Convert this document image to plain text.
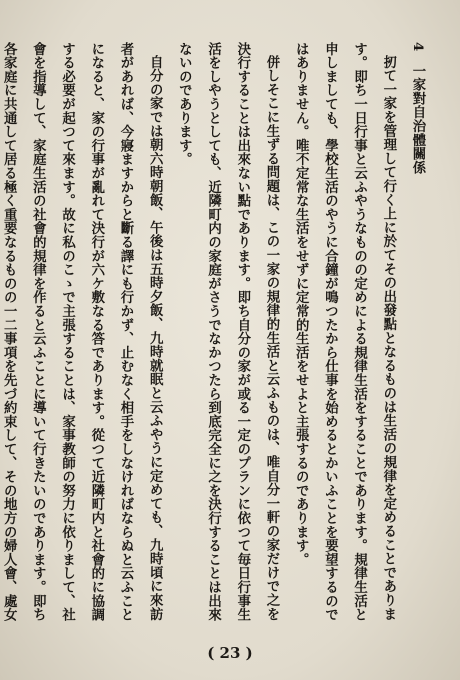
4一家對自治體關係

扨て一家を管理して行く上に於てその出發點となるものは生活の規律を定めることであります。即ち一日行事と云ふやうなものの定めによる規律生活をすることであります。規律生活と申しましても、學校生活のやうに合鐘が鳴つたから仕事を始めるとかいふことを要望するのではありません。唯不定常な生活をせずに定常的生活をせよと主張するのであります。

併しそこに生ずる問題は、この一家の規律的生活と云ふものは、唯自分一軒の家だけで之を決行することは出來ない點であります。即ち自分の家が或る一定のプランに依つて毎日行事生活をしやうとしても、近隣町内の家庭がさうでなかつたら到底完全に之を決行することは出來ないのであります。

自分の家では朝六時朝飯、午後は五時夕飯、九時就眠と云ふやうに定めても、九時頃に來訪者があれば、今寢ますからと斷る譯にも行かず、止むなく相手をしなければならぬと云ふことになると、家の行事が亂れて決行が六ケ敷なる答であります。從つて近隣町内と社會的に協調する必要が起つて來ます。故に私のこゝで主張することは、家事教師の努力に依りまして、社會を指導して、家庭生活の社會的規律を作ると云ふことに導いて行きたいのであります。即ち各家庭に共通して居る極く重要なるものの一二事項を先づ約束して、その地方の婦人會、處女

( 23 )
